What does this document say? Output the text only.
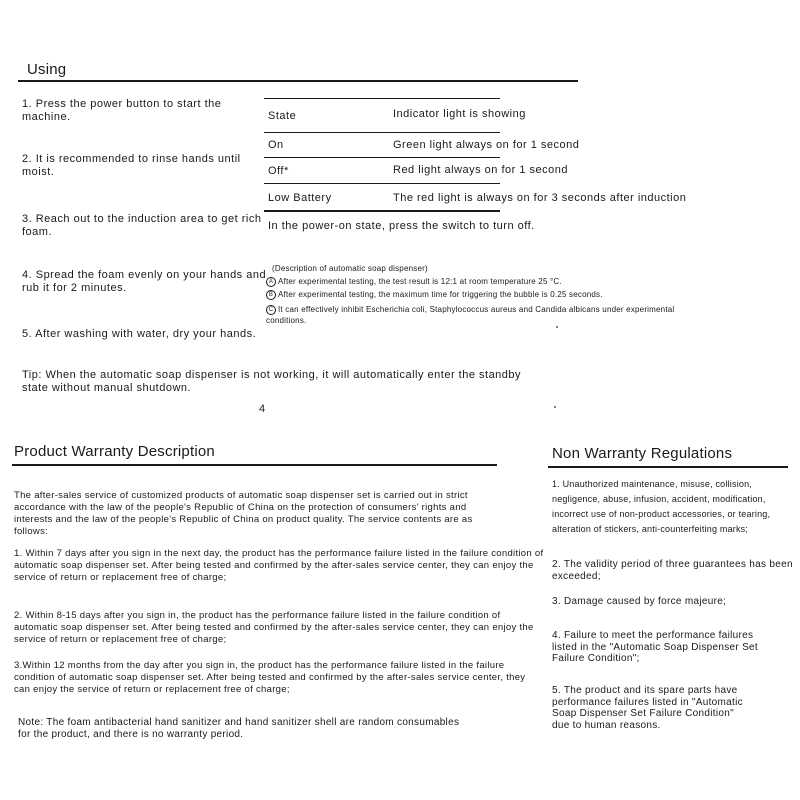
Using
1. Press the power button to start the machine.
2. It is recommended to rinse hands until moist.
3. Reach out to the induction area to get rich foam.
4. Spread the foam evenly on your hands and rub it for 2 minutes.
5. After washing with water, dry your hands.
State	Indicator light is showing
On	Green light always on for 1 second
Off*	Red light always on for 1 second
Low Battery	The red light is always on for 3 seconds after induction
In the power-on state, press the switch to turn off.
(Description of automatic soap dispenser)
A After experimental testing, the test result is 12:1 at room temperature 25 °C.
B After experimental testing, the maximum time for triggering the bubble is 0.25 seconds.
C It can effectively inhibit Escherichia coli, Staphylococcus aureus and Candida albicans under experimental conditions.
Tip: When the automatic soap dispenser is not working, it will automatically enter the standby state without manual shutdown.
4
Product Warranty Description
The after-sales service of customized products of automatic soap dispenser set is carried out in strict accordance with the law of the people's Republic of China on the protection of consumers' rights and interests and the law of the people's Republic of China on product quality. The service contents are as follows:
1. Within 7 days after you sign in the next day, the product has the performance failure listed in the failure condition of automatic soap dispenser set. After being tested and confirmed by the after-sales service center, they can enjoy the service of return or replacement free of charge;
2. Within 8-15 days after you sign in, the product has the performance failure listed in the failure condition of automatic soap dispenser set. After being tested and confirmed by the after-sales service center, they can enjoy the service of return or replacement free of charge;
3.Within 12 months from the day after you sign in, the product has the performance failure listed in the failure condition of automatic soap dispenser set. After being tested and confirmed by the after-sales service center, they can enjoy the service of return or replacement free of charge;
Note: The foam antibacterial hand sanitizer and hand sanitizer shell are random consumables for the product, and there is no warranty period.
Non Warranty Regulations
1. Unauthorized maintenance, misuse, collision, negligence, abuse, infusion, accident, modification, incorrect use of non-product accessories, or tearing, alteration of stickers, anti-counterfeiting marks;
2. The validity period of three guarantees has been exceeded;
3. Damage caused by force majeure;
4. Failure to meet the performance failures listed in the "Automatic Soap Dispenser Set Failure Condition";
5. The product and its spare parts have performance failures listed in "Automatic Soap Dispenser Set Failure Condition" due to human reasons.
